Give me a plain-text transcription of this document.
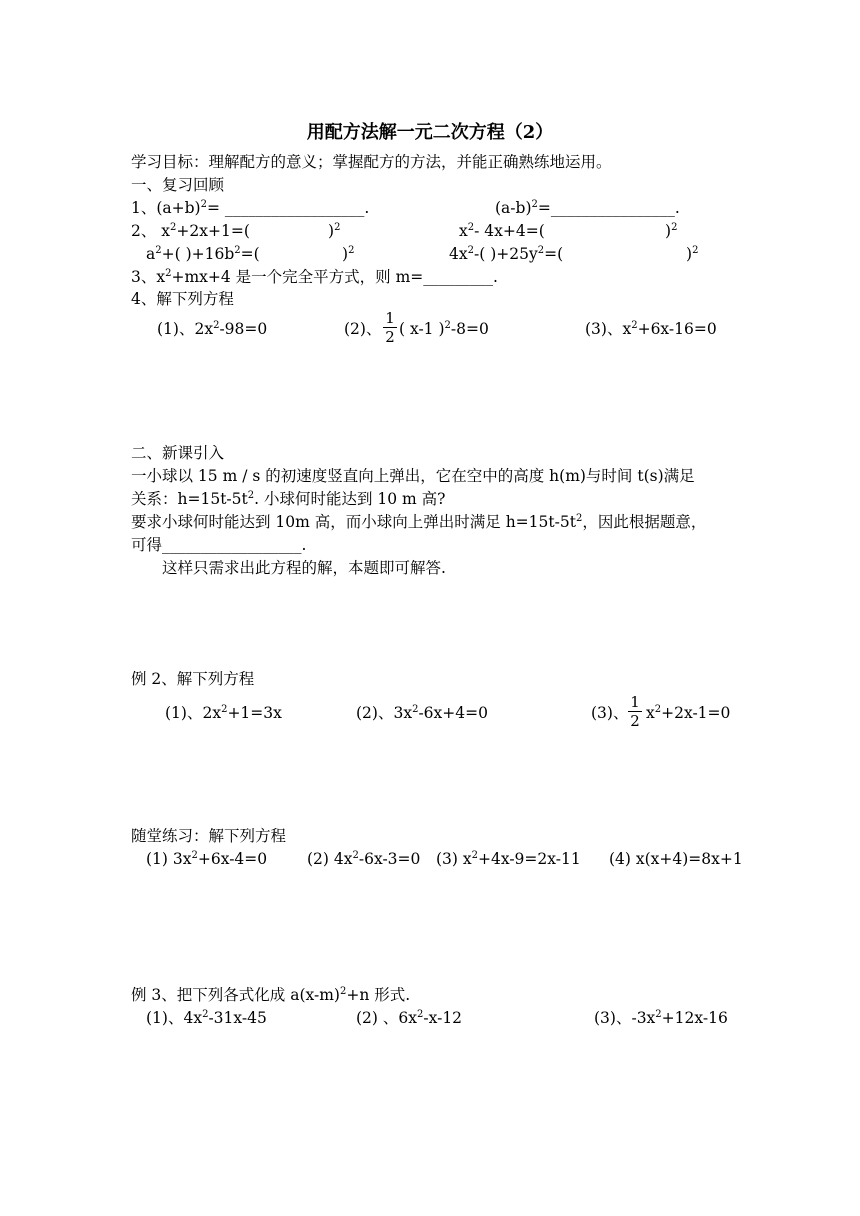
用配方法解一元二次方程（2）
学习目标：理解配方的意义；掌握配方的方法，并能正确熟练地运用。
一、复习回顾
1、$(a+b)^2=$ __________________.	$(a-b)^2=\_\_\_\_\_\_\_\_\_\_\_\_\_\_\_\_$.
2、 $x^2+2x+1=$(	)$^2$	$x^2-$ 4x+4=(	)$^2$
$a^2+$( )$+16b^2=$(	)$^2$	$4x^2-$( )$+25y^2=$(	)$^2$
3、$x^2+mx+4$ 是一个完全平方式，则 m=_________.
4、解下列方程
(1)、$2x^2-98=0$	(2)、
1
2 ( x-1 )$^2$-8=0	(3)、$x^2+6x-16=0$
二、新课引入
一小球以 15 m / s 的初速度竖直向上弹出，它在空中的高度 h(m)与时间 t(s)满足
关系：$h=15t-5t^2$. 小球何时能达到 10 m 高?
要求小球何时能达到 10m 高，而小球向上弹出时满足 $h=15t-5t^2$，因此根据题意，
可得__________________.
这样只需求出此方程的解，本题即可解答.
例 2、解下列方程
(1)、$2x^2+1=3x$	(2)、$3x^2-6x+4=0$	(3)、
1
2 $x^2+2x-1=0$
随堂练习：解下列方程
(1) $3x^2+6x-4=0$	(2) $4x^2-6x-3=0$ (3) $x^2+4x-9=2x-11$ (4) x(x+4)=8x+1
例 3、把下列各式化成 $a(x-m)^2+n$ 形式.
(1)、$4x^2-31x-45$	(2) 、$6x^2-x-12$	(3)、$-3x^2+12x-16$
